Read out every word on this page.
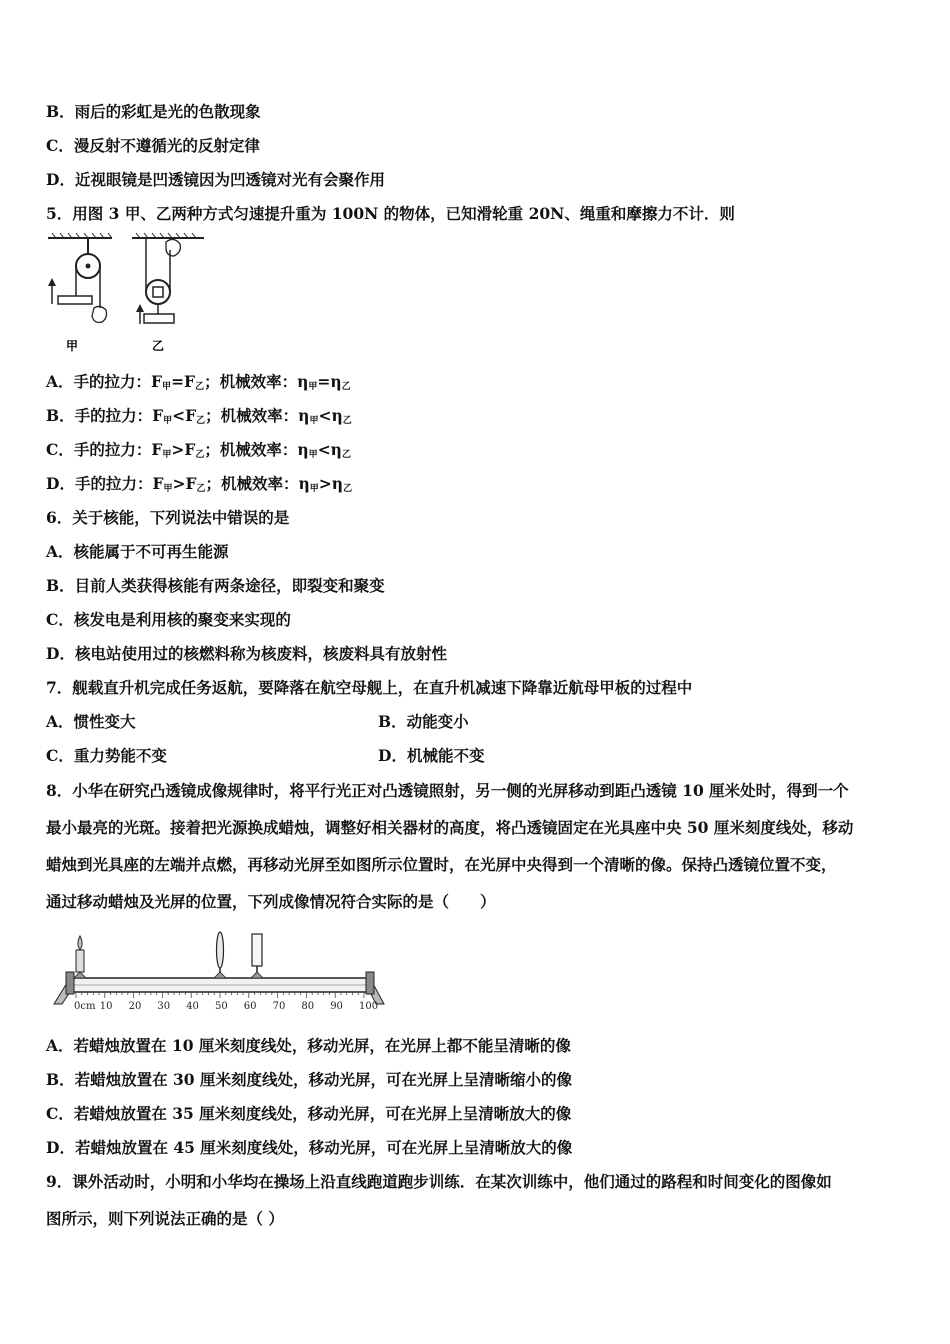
B．雨后的彩虹是光的色散现象
C．漫反射不遵循光的反射定律
D．近视眼镜是凹透镜因为凹透镜对光有会聚作用
5．用图 3 甲、乙两种方式匀速提升重为 100N 的物体，已知滑轮重 20N、绳重和摩擦力不计．则
甲	乙
A．手的拉力：$F_甲=F_乙$；机械效率：$\eta_甲=\eta_乙$
B．手的拉力：$F_甲<F_乙$；机械效率：$\eta_甲<\eta_乙$
C．手的拉力：$F_甲>F_乙$；机械效率：$\eta_甲<\eta_乙$
D．手的拉力：$F_甲>F_乙$；机械效率：$\eta_甲>\eta_乙$
6．关于核能，下列说法中错误的是
A．核能属于不可再生能源
B．目前人类获得核能有两条途径，即裂变和聚变
C．核发电是利用核的聚变来实现的
D．核电站使用过的核燃料称为核废料，核废料具有放射性
7．舰载直升机完成任务返航，要降落在航空母舰上，在直升机减速下降靠近航母甲板的过程中
A．惯性变大	B．动能变小
C．重力势能不变	D．机械能不变
8．小华在研究凸透镜成像规律时，将平行光正对凸透镜照射，另一侧的光屏移动到距凸透镜 10 厘米处时，得到一个
最小最亮的光斑。接着把光源换成蜡烛，调整好相关器材的高度，将凸透镜固定在光具座中央 50 厘米刻度线处，移动
蜡烛到光具座的左端并点燃，再移动光屏至如图所示位置时，在光屏中央得到一个清晰的像。保持凸透镜位置不变，
通过移动蜡烛及光屏的位置，下列成像情况符合实际的是（　　）
0cm 10 20 30 40 50 60 70 80 90 100
A．若蜡烛放置在 10 厘米刻度线处，移动光屏，在光屏上都不能呈清晰的像
B．若蜡烛放置在 30 厘米刻度线处，移动光屏，可在光屏上呈清晰缩小的像
C．若蜡烛放置在 35 厘米刻度线处，移动光屏，可在光屏上呈清晰放大的像
D．若蜡烛放置在 45 厘米刻度线处，移动光屏，可在光屏上呈清晰放大的像
9．课外活动时，小明和小华均在操场上沿直线跑道跑步训练．在某次训练中，他们通过的路程和时间变化的图像如
图所示，则下列说法正确的是（ ）
